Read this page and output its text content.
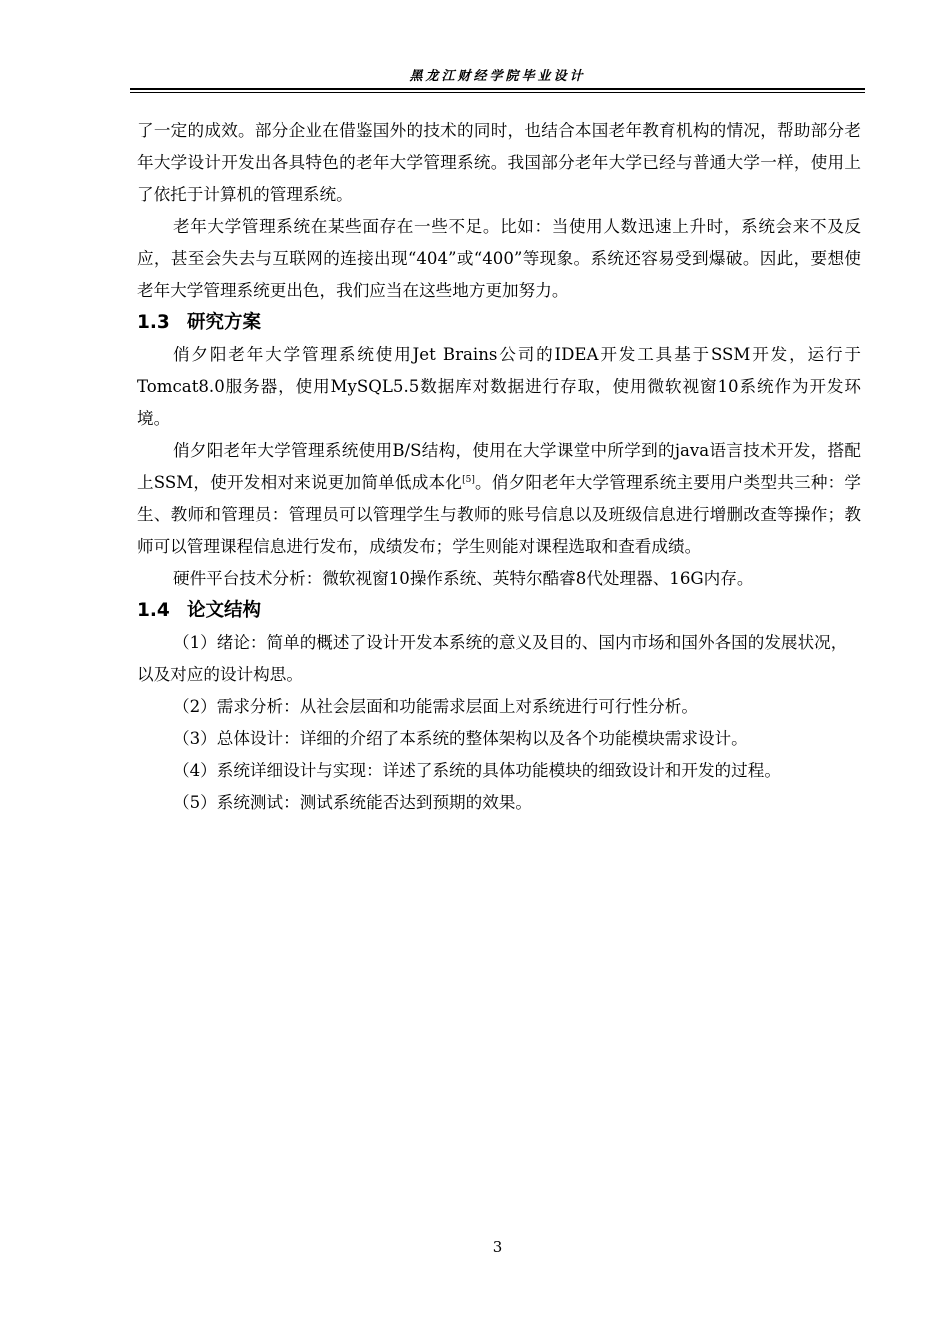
黑龙江财经学院毕业设计

了一定的成效。部分企业在借鉴国外的技术的同时，也结合本国老年教育机构的情况，帮助部分老年大学设计开发出各具特色的老年大学管理系统。我国部分老年大学已经与普通大学一样，使用上了依托于计算机的管理系统。

老年大学管理系统在某些面存在一些不足。比如：当使用人数迅速上升时，系统会来不及反应，甚至会失去与互联网的连接出现“404”或“400”等现象。系统还容易受到爆破。因此，要想使老年大学管理系统更出色，我们应当在这些地方更加努力。

1.3 研究方案

俏夕阳老年大学管理系统使用Jet Brains公司的IDEA开发工具基于SSM开发，运行于Tomcat8.0服务器，使用MySQL5.5数据库对数据进行存取，使用微软视窗10系统作为开发环境。

俏夕阳老年大学管理系统使用B/S结构，使用在大学课堂中所学到的java语言技术开发，搭配上SSM，使开发相对来说更加简单低成本化[5]。俏夕阳老年大学管理系统主要用户类型共三种：学生、教师和管理员：管理员可以管理学生与教师的账号信息以及班级信息进行增删改查等操作；教师可以管理课程信息进行发布，成绩发布；学生则能对课程选取和查看成绩。

硬件平台技术分析：微软视窗10操作系统、英特尔酷睿8代处理器、16G内存。

1.4 论文结构

（1）绪论：简单的概述了设计开发本系统的意义及目的、国内市场和国外各国的发展状况，以及对应的设计构思。

（2）需求分析：从社会层面和功能需求层面上对系统进行可行性分析。

（3）总体设计：详细的介绍了本系统的整体架构以及各个功能模块需求设计。

（4）系统详细设计与实现：详述了系统的具体功能模块的细致设计和开发的过程。

（5）系统测试：测试系统能否达到预期的效果。

3
